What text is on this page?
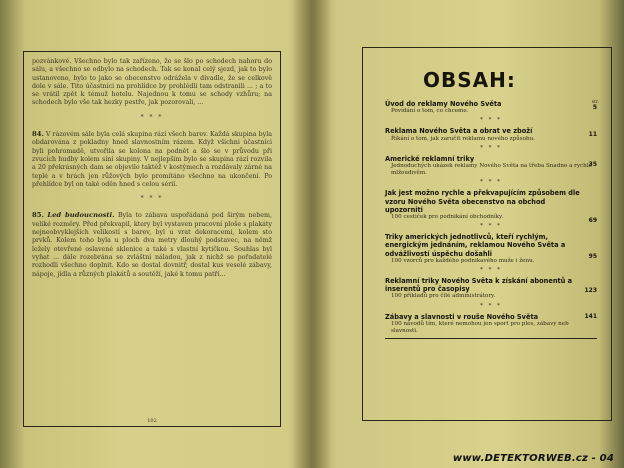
pozvánkové. Všechno bylo tak zařízeno, že se šlo po schodech nahoru do sálu, a všechno se odbylo na schodech. Tak se konal celý sjezd, jak to bylo ustanoveno, bylo to jako se obecenstvo odrážela v divadle, že se celkově dole v sále. Tito účastníci na prohlídce by prohlédli tam odstranili ... ; a to se vrátil zpět k témuž hotelu. Najednou k tomu se schody vzhůru; na schodech bylo vše tak hezky pestře, jak pozorovali, ...

* * *

84. V rázovém sále byla celá skupina rází všech barev. Každá skupina byla obdarována z pokladny hned slavnostním rázem. Když všichni účastníci byli pohromadě, utvořila se kolona na podnět a šlo se v průvodu při zvucích hudby kolem síní skupiny. V nejlepším bylo se skupina rází rozvila a 20 překrásných dam se objevilo taktéž v kostýmech a rozdávaly zárné na teplé a v hrách jen růžových bylo promítáno všechno na ukončení. Po přehlídce byl on také oděn hned s celou sérií.

* * *

85. Led budoucnosti. Byla to zábava uspořádaná pod širým nebem, veliké rozměry. Před překvapil, ktery byl vystaven pracovní ploše s plakáty nejneobvyklejších velikostí s barev, byl u vrat dekoracemi, kolem sto prvků. Kolem toho byla u ploch dva metry dlouhý podstavec, na němž ležely otevřené oslavené sklenice a také s vlastní kytičkou. Souhlas byl vyňat ... dále rozebrána se zvláštní náladou, jak z nichž se pořadatelé rozhodli všechno doplnit. Kdo se dostal dovnitř, dostal kus veselé zábavy, nápoje, jídla a různých plakátů a soutěží, jaké k tomu patří...

102
OBSAH:
str.
Úvod do reklamy Nového Světa
Povídání o tom, co chceme.
5
* * *
Reklama Nového Světa a obrat ve zboží
Říkání o tom, jak zaručit reklamu nového způsobu.
11
* * *
Americké reklamní triky
Jednoduchých ukázek reklamy Nového Světa na třeba Snadno a rychle mlžoudivěm.
35
* * *
Jak jest možno rychle a překvapujícím způsobem dle vzoru Nového Světa obecenstvo na obchod upozorniti
100 cestiček pro podnikání obchodníky.
69
* * *
Triky amerických jednotlivců, kteří rychlým, energickým jednáním, reklamou Nového Světa a odvážlivostí úspěchu došahli
100 vzorců pro každého podnikavého muže i ženu.
95
* * *
Reklamní triky Nového Světa k získání abonentů a inserentů pro časopisy
100 příkladů pro čilé administrátory.
123
* * *
Zábavy a slavnosti v rouše Nového Světa
100 návodů tím, které nemohou jen sport pro ples, zábavy neb slavnosti.
141
www.DETEKTORWEB.cz - 04
